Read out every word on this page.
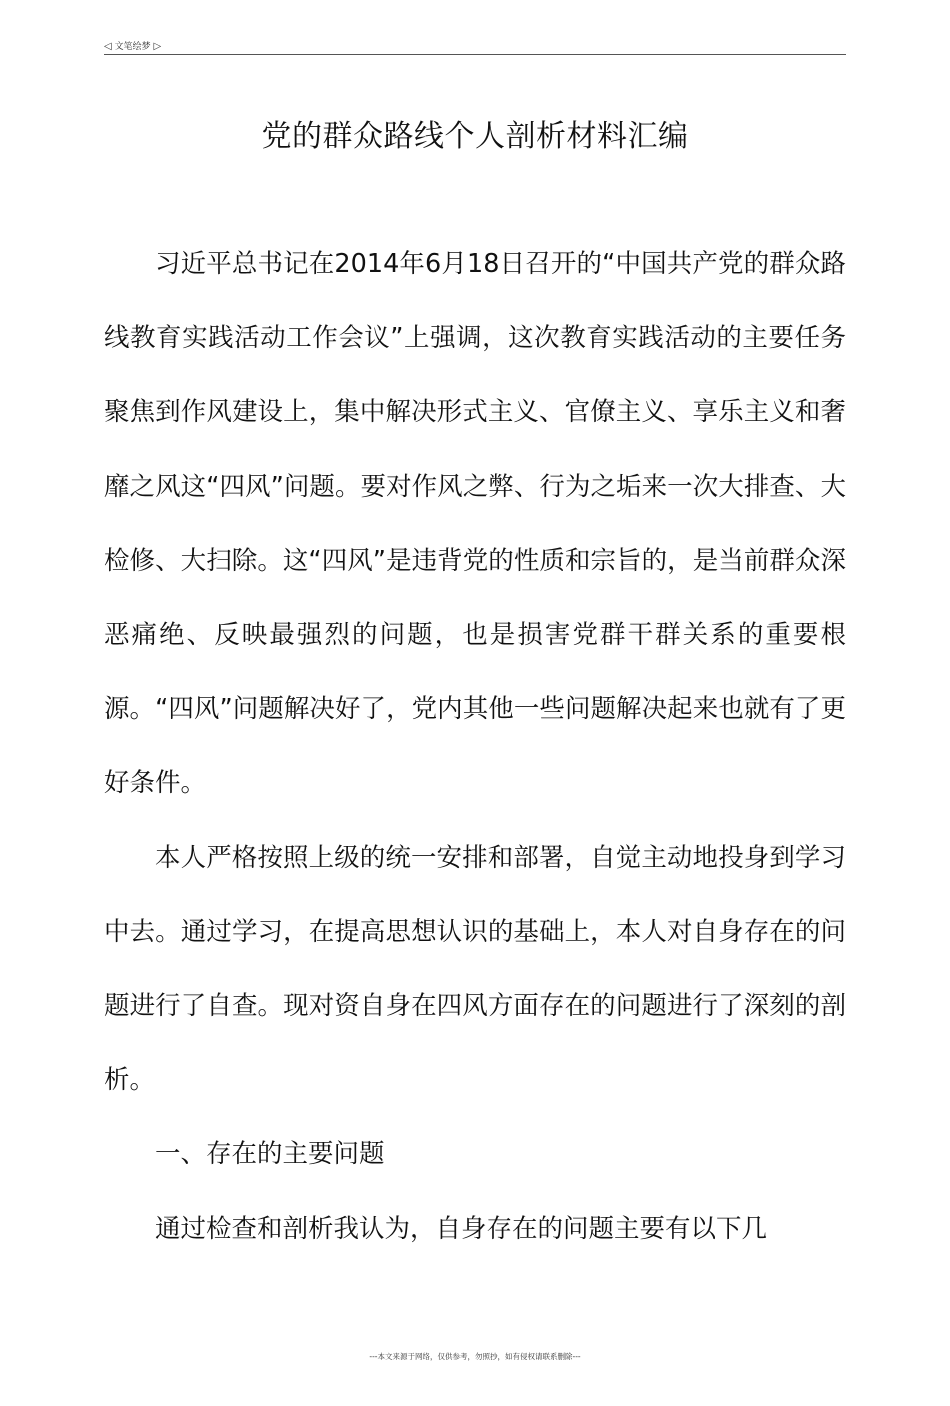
◁ 文笔绘梦 ▷
党的群众路线个人剖析材料汇编

习近平总书记在2014年6月18日召开的“中国共产党的群众路线教育实践活动工作会议”上强调，这次教育实践活动的主要任务聚焦到作风建设上，集中解决形式主义、官僚主义、享乐主义和奢靡之风这“四风”问题。要对作风之弊、行为之垢来一次大排查、大检修、大扫除。这“四风”是违背党的性质和宗旨的，是当前群众深恶痛绝、反映最强烈的问题，也是损害党群干群关系的重要根源。“四风”问题解决好了，党内其他一些问题解决起来也就有了更好条件。

本人严格按照上级的统一安排和部署，自觉主动地投身到学习中去。通过学习，在提高思想认识的基础上，本人对自身存在的问题进行了自查。现对资自身在四风方面存在的问题进行了深刻的剖析。

一、存在的主要问题

通过检查和剖析我认为，自身存在的问题主要有以下几

---本文来源于网络，仅供参考，勿照抄，如有侵权请联系删除---
